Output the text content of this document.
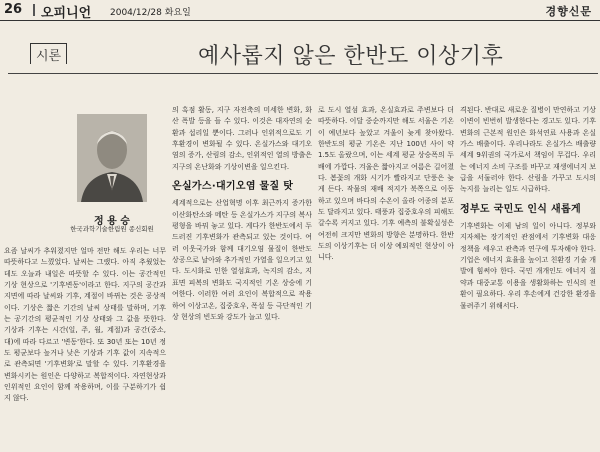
26 오피니언 2004/12/28 화요일	경향신문
시론	예사롭지 않은 한반도 이상기후
정 용 승
한국과학기술한림원 종신회원

요즘 날씨가 추워졌지만 얼마 전만 해도 우리는 너무 따뜻하다고 느꼈었다. 날씨는 그랬다. 아직 추웠었는데도 오늘과 내일은 따뜻할 수 있다. 이는 공간적인 기상 현상으로 '기후변동'이라고 한다. 지구의 공간과 지면에 따라 날씨와 기후, 계절이 바뀌는 것은 공상적이다. 기상은 짧은 기간의 날씨 상태를 말하며, 기후는 공기간의 평균적인 기상 상태와 그 값을 뜻한다. 기상과 기후는 시간(일, 주, 월, 계절)과 공간(중소, 대)에 따라 다르고 '변동'한다. 또 30년 또는 10년 정도 평균보다 높거나 낮은 기상과 기후 값이 지속적으로 관측되면 '기후변화'로 말할 수 있다. 기후환경을 변화시키는 원인은 다양하고 복합적이다. 자연현상과 인위적인 요인이 함께 작용하며, 이를 구분하기가 쉽지 않다.

의 흑점 활동, 지구 자전축의 미세한 변화, 화산 폭발 등을 들 수 있다. 이것은 대자연의 순환과 섭리일 뿐이다. 그러나 인위적으로도 기후환경이 변화될 수 있다. 온실가스와 대기오염의 증가, 산림의 감소, 인위적인 열의 방출은 지구의 온난화와 기상이변을 일으킨다.

온실가스·대기오염 물질 탓

세계적으로는 산업혁명 이후 최근까지 증가한 이산화탄소와 메탄 등 온실가스가 지구의 복사평형을 바꿔 놓고 있다. 게다가 한반도에서 두드러진 기후변화가 관측되고 있는 것이다. 여러 이웃국가와 함께 대기오염 물질이 한반도 상공으로 날아와 추가적인 가열을 일으키고 있다. 도시화로 인한 열섬효과, 녹지의 감소, 지표면 피복의 변화도 국지적인 기온 상승에 기여한다. 이러한 여러 요인이 복합적으로 작용하여 이상고온, 집중호우, 폭설 등 극단적인 기상 현상의 빈도와 강도가 늘고 있다.

로 도시 열섬 효과, 온실효과로 주변보다 더 따뜻하다. 이달 중순까지만 해도 서울은 기온이 예년보다 높았고 겨울이 늦게 찾아왔다. 한반도의 평균 기온은 지난 100년 사이 약 1.5도 올랐으며, 이는 세계 평균 상승폭의 두 배에 가깝다. 겨울은 짧아지고 여름은 길어졌다. 봄꽃의 개화 시기가 빨라지고 단풍은 늦게 든다. 작물의 재배 적지가 북쪽으로 이동하고 있으며 바다의 수온이 올라 어종의 분포도 달라지고 있다. 태풍과 집중호우의 피해도 갈수록 커지고 있다. 기후 예측의 불확실성은 여전히 크지만 변화의 방향은 분명하다. 한반도의 이상기후는 더 이상 예외적인 현상이 아니다.

격된다. 반대로 새로운 질병이 만연하고 기상이변이 빈번히 발생한다는 경고도 있다. 기후변화의 근본적 원인은 화석연료 사용과 온실가스 배출이다. 우리나라도 온실가스 배출량 세계 9위권의 국가로서 책임이 무겁다. 우리는 에너지 소비 구조를 바꾸고 재생에너지 보급을 서둘러야 한다. 산림을 가꾸고 도시의 녹지를 늘리는 일도 시급하다.

정부도 국민도 인식 새롭게

기후변화는 이제 남의 일이 아니다. 정부와 지자체는 장기적인 관점에서 기후변화 대응 정책을 세우고 관측과 연구에 투자해야 한다. 기업은 에너지 효율을 높이고 친환경 기술 개발에 힘써야 한다. 국민 개개인도 에너지 절약과 대중교통 이용을 생활화하는 인식의 전환이 필요하다. 우리 후손에게 건강한 환경을 물려주기 위해서다.
